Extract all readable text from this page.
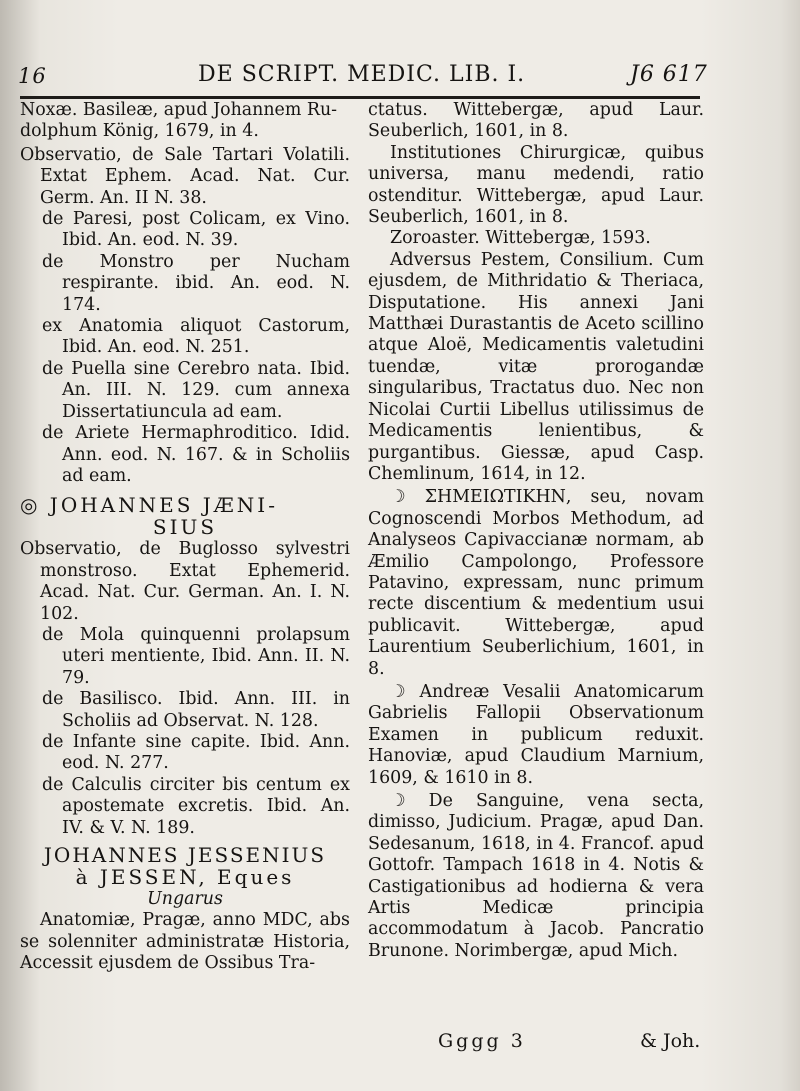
16	DE SCRIPT. MEDIC. LIB. I.	J6 617

Noxæ. Basileæ, apud Johannem Ru-

dolphum König, 1679, in 4.

Observatio, de Sale Tartari Volatili. Extat Ephem. Acad. Nat. Cur. Germ. An. II N. 38.

de Paresi, post Colicam, ex Vino. Ibid. An. eod. N. 39.

de Monstro per Nucham respirante. ibid. An. eod. N. 174.

ex Anatomia aliquot Castorum, Ibid. An. eod. N. 251.

de Puella sine Cerebro nata. Ibid. An. III. N. 129. cum annexa Dissertatiuncula ad eam.

de Ariete Hermaphroditico. Idid. Ann. eod. N. 167. & in Scholiis ad eam.

◎ JOHANNES JÆNI-

SIUS

Observatio, de Buglosso sylvestri monstroso. Extat Ephemerid. Acad. Nat. Cur. German. An. I. N. 102.

de Mola quinquenni prolapsum uteri mentiente, Ibid. Ann. II. N. 79.

de Basilisco. Ibid. Ann. III. in Scholiis ad Observat. N. 128.

de Infante sine capite. Ibid. Ann. eod. N. 277.

de Calculis circiter bis centum ex apostemate excretis. Ibid. An. IV. & V. N. 189.

JOHANNES JESSENIUS

à JESSEN, Eques

Ungarus

Anatomiæ, Pragæ, anno MDC, abs se solenniter administratæ Historia, Accessit ejusdem de Ossibus Tra-

ctatus. Wittebergæ, apud Laur. Seuberlich, 1601, in 8.

Institutiones Chirurgicæ, quibus universa, manu medendi, ratio ostenditur. Wittebergæ, apud Laur. Seuberlich, 1601, in 8.

Zoroaster. Wittebergæ, 1593.

Adversus Pestem, Consilium. Cum ejusdem, de Mithridatio & Theriaca, Disputatione. His annexi Jani Matthæi Durastantis de Aceto scillino atque Aloë, Medicamentis valetudini tuendæ, vitæ prorogandæ singularibus, Tractatus duo. Nec non Nicolai Curtii Libellus utilissimus de Medicamentis lenientibus, & purgantibus. Giessæ, apud Casp. Chemlinum, 1614, in 12.

☽ ΣΗΜΕΙΩΤΙΚΗΝ, seu, novam Cognoscendi Morbos Methodum, ad Analyseos Capivaccianæ normam, ab Æmilio Campolongo, Professore Patavino, expressam, nunc primum recte discentium & medentium usui publicavit. Wittebergæ, apud Laurentium Seuberlichium, 1601, in 8.

☽ Andreæ Vesalii Anatomicarum Gabrielis Fallopii Observationum Examen in publicum reduxit. Hanoviæ, apud Claudium Marnium, 1609, & 1610 in 8.

☽ De Sanguine, vena secta, dimisso, Judicium. Pragæ, apud Dan. Sedesanum, 1618, in 4. Francof. apud Gottofr. Tampach 1618 in 4. Notis & Castigationibus ad hodierna & vera Artis Medicæ principia accommodatum à Jacob. Pancratio Brunone. Norimbergæ, apud Mich.

Gggg 3	& Joh.
